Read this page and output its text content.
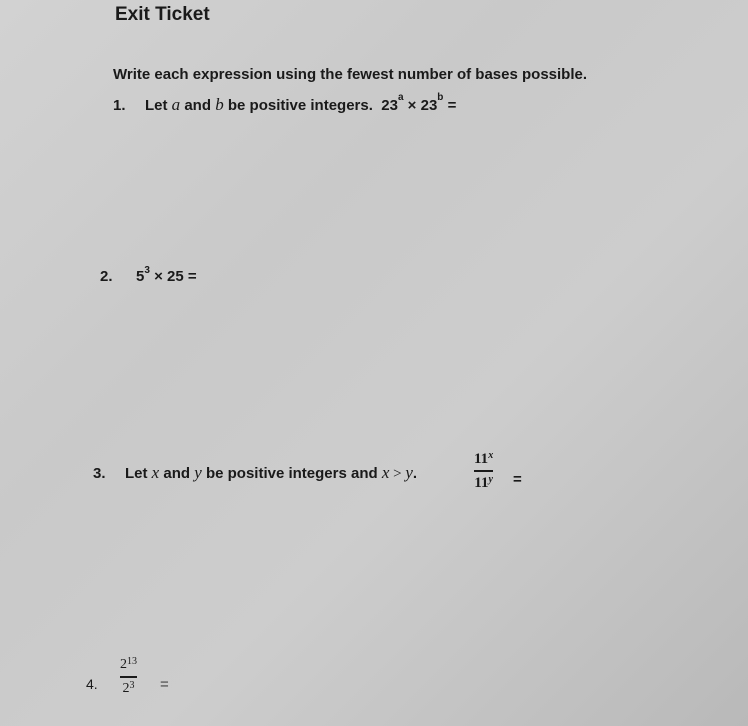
Exit Ticket
Write each expression using the fewest number of bases possible.
1. Let a and b be positive integers. $23^a \times 23^b$ =
2. $5^3 \times 25$ =
3. Let x and y be positive integers and x > y.
11$^x$
$11^y$ =
4.
$2^{13}$
$2^3$ =
